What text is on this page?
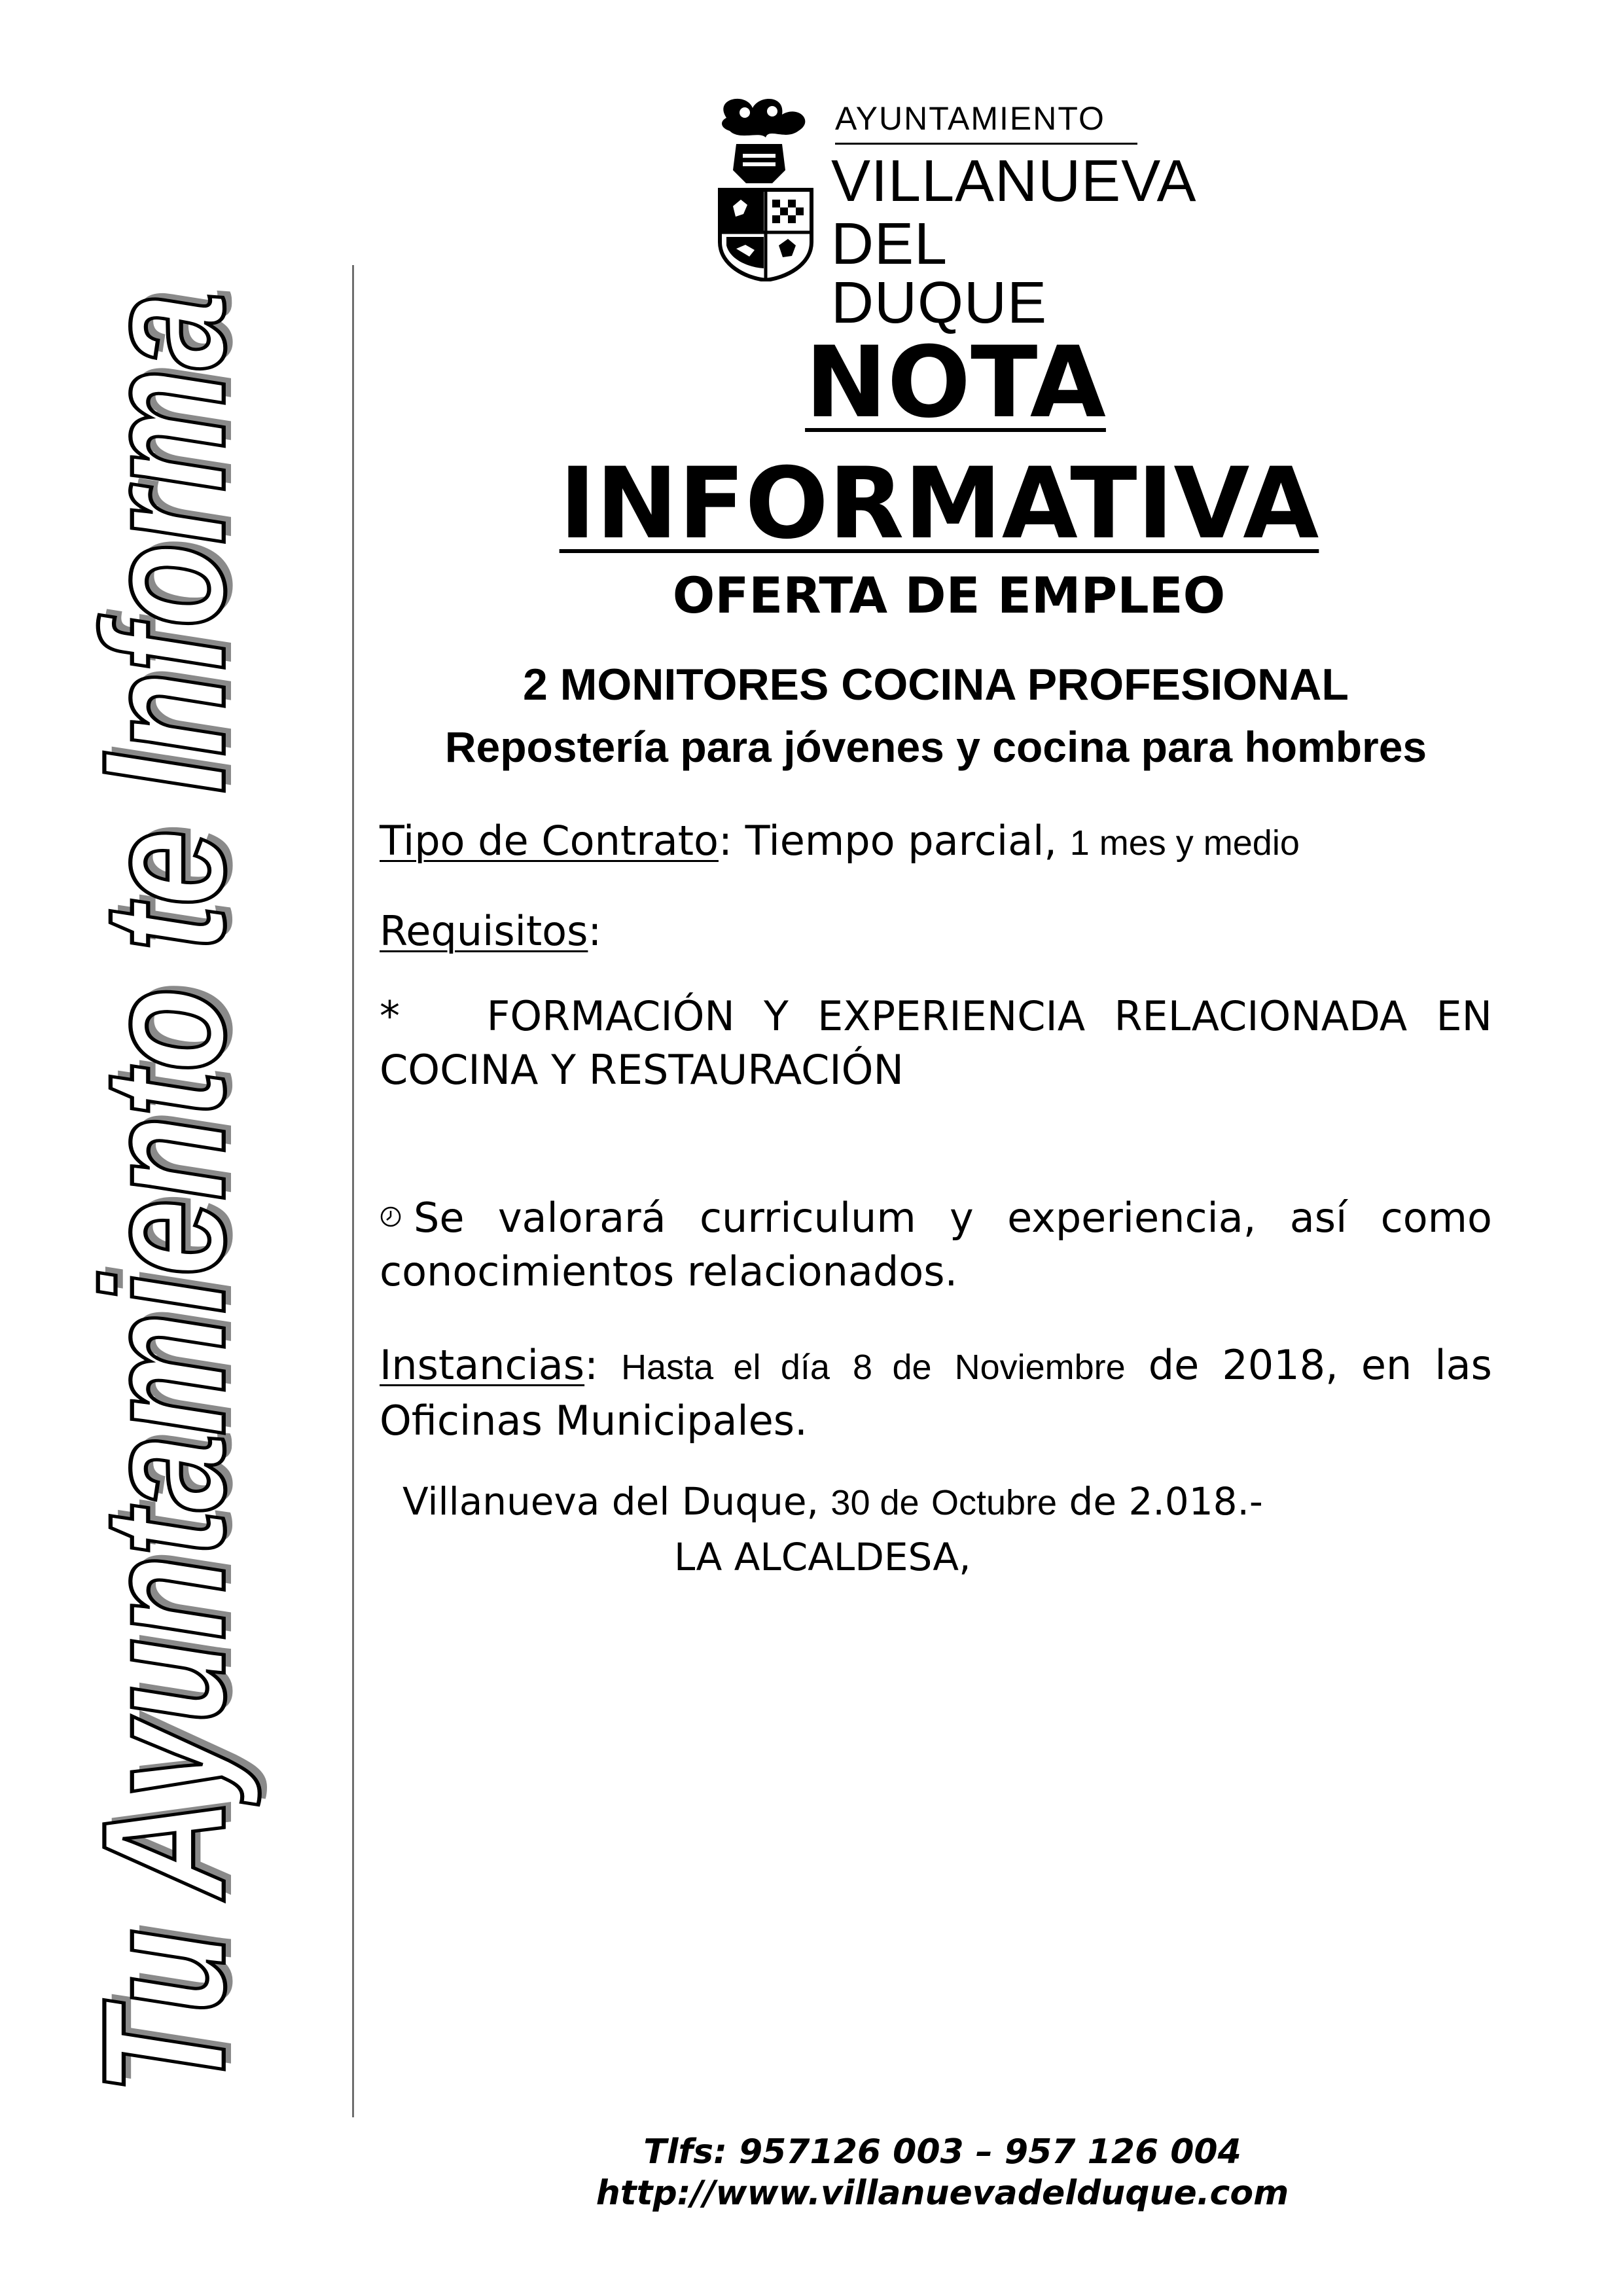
Tu Ayuntamiento te Informa
AYUNTAMIENTO
VILLANUEVA
DEL DUQUE
NOTA
INFORMATIVA
OFERTA DE EMPLEO
2 MONITORES COCINA PROFESIONAL
Repostería para jóvenes y cocina para hombres
Tipo de Contrato: Tiempo parcial, 1 mes y medio
Requisitos:
* FORMACIÓN Y EXPERIENCIA RELACIONADA EN COCINA Y RESTAURACIÓN
Se valorará curriculum y experiencia, así como conocimientos relacionados.
Instancias: Hasta el día 8 de Noviembre de 2018, en las Oficinas Municipales.
Villanueva del Duque, 30 de Octubre de 2.018.-
LA ALCALDESA,
Tlfs: 957126 003 – 957 126 004
http://www.villanuevadelduque.com
